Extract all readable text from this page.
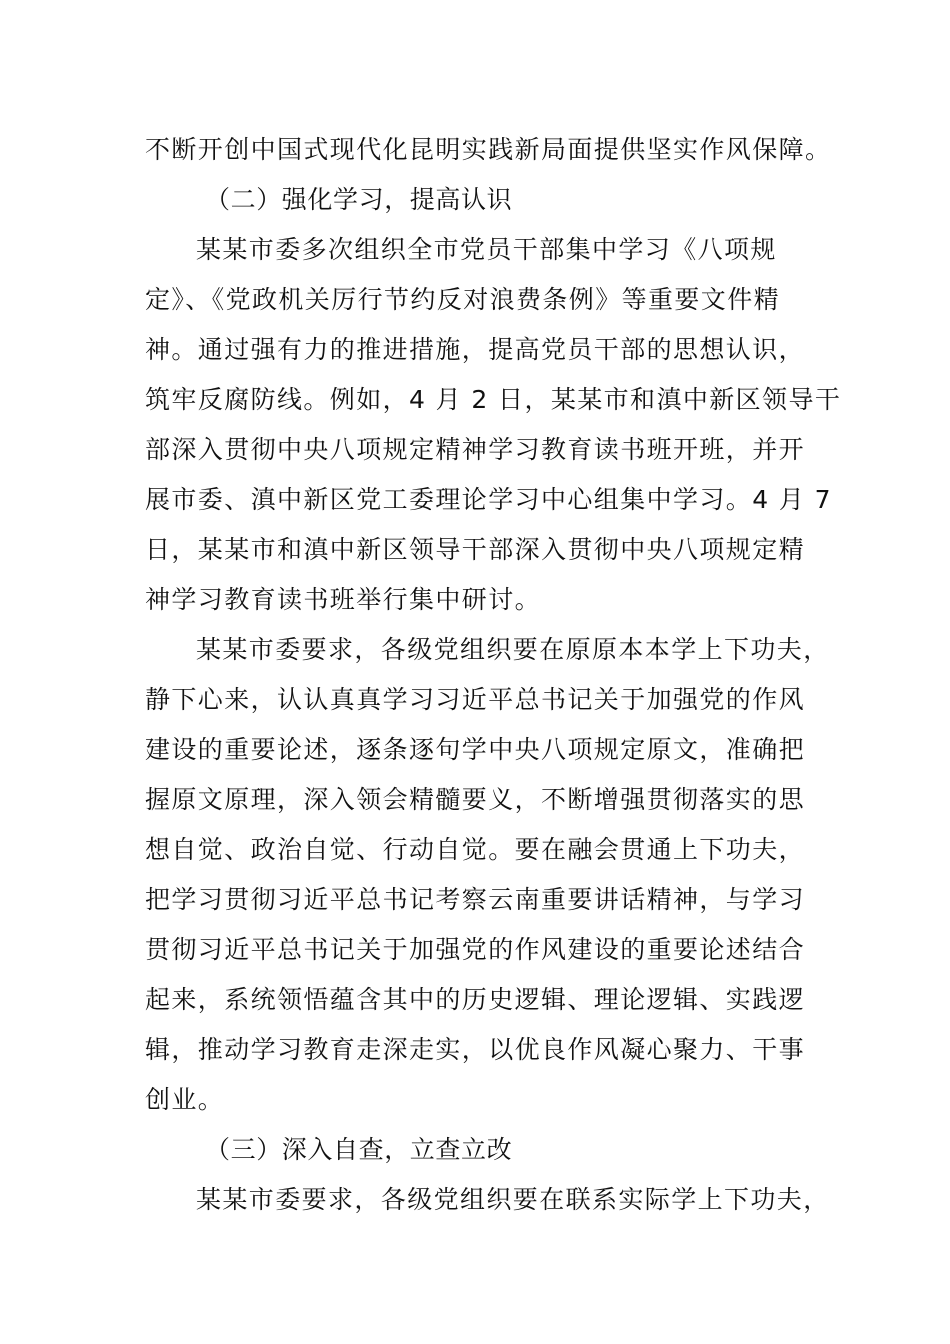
不断开创中国式现代化昆明实践新局面提供坚实作风保障。
（二）强化学习，提高认识
某某市委多次组织全市党员干部集中学习《八项规
定》、《党政机关厉行节约反对浪费条例》等重要文件精
神。通过强有力的推进措施，提高党员干部的思想认识，
筑牢反腐防线。例如，4 月 2 日，某某市和滇中新区领导干
部深入贯彻中央八项规定精神学习教育读书班开班，并开
展市委、滇中新区党工委理论学习中心组集中学习。4 月 7
日，某某市和滇中新区领导干部深入贯彻中央八项规定精
神学习教育读书班举行集中研讨。
某某市委要求，各级党组织要在原原本本学上下功夫，
静下心来，认认真真学习习近平总书记关于加强党的作风
建设的重要论述，逐条逐句学中央八项规定原文，准确把
握原文原理，深入领会精髓要义，不断增强贯彻落实的思
想自觉、政治自觉、行动自觉。要在融会贯通上下功夫，
把学习贯彻习近平总书记考察云南重要讲话精神，与学习
贯彻习近平总书记关于加强党的作风建设的重要论述结合
起来，系统领悟蕴含其中的历史逻辑、理论逻辑、实践逻
辑，推动学习教育走深走实，以优良作风凝心聚力、干事
创业。
（三）深入自查，立查立改
某某市委要求，各级党组织要在联系实际学上下功夫，
